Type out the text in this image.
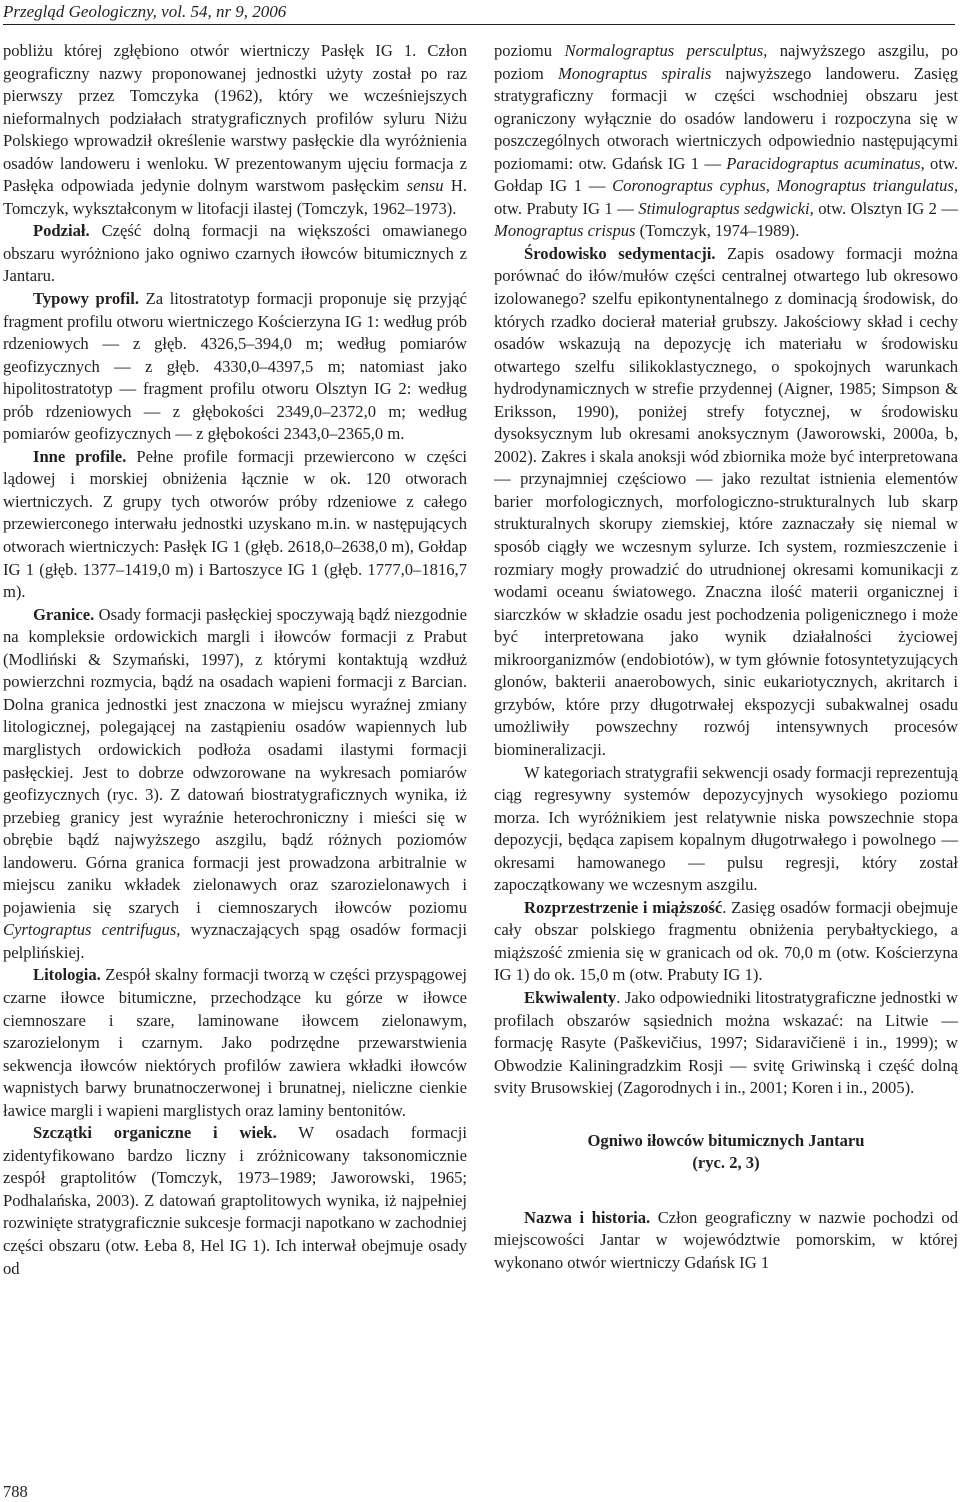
Przegląd Geologiczny, vol. 54, nr 9, 2006

pobliżu której zgłębiono otwór wiertniczy Pasłęk IG 1. Człon geograficzny nazwy proponowanej jednostki użyty został po raz pierwszy przez Tomczyka (1962), który we wcześniejszych nieformalnych podziałach stratygraficznych profilów syluru Niżu Polskiego wprowadził określenie warstwy pasłęckie dla wyróżnienia osadów landoweru i wenloku. W prezentowanym ujęciu formacja z Pasłęka odpowiada jedynie dolnym warstwom pasłęckim sensu H. Tomczyk, wykształconym w litofacji ilastej (Tomczyk, 1962–1973).

Podział. Część dolną formacji na większości omawianego obszaru wyróżniono jako ogniwo czarnych iłowców bitumicznych z Jantaru.

Typowy profil. Za litostratotyp formacji proponuje się przyjąć fragment profilu otworu wiertniczego Kościerzyna IG 1: według prób rdzeniowych — z głęb. 4326,5–394,0 m; według pomiarów geofizycznych — z głęb. 4330,0–4397,5 m; natomiast jako hipolitostratotyp — fragment profilu otworu Olsztyn IG 2: według prób rdzeniowych — z głębokości 2349,0–2372,0 m; według pomiarów geofizycznych — z głębokości 2343,0–2365,0 m.

Inne profile. Pełne profile formacji przewiercono w części lądowej i morskiej obniżenia łącznie w ok. 120 otworach wiertniczych. Z grupy tych otworów próby rdzeniowe z całego przewierconego interwału jednostki uzyskano m.in. w następujących otworach wiertniczych: Pasłęk IG 1 (głęb. 2618,0–2638,0 m), Gołdap IG 1 (głęb. 1377–1419,0 m) i Bartoszyce IG 1 (głęb. 1777,0–1816,7 m).

Granice. Osady formacji pasłęckiej spoczywają bądź niezgodnie na kompleksie ordowickich margli i iłowców formacji z Prabut (Modliński & Szymański, 1997), z którymi kontaktują wzdłuż powierzchni rozmycia, bądź na osadach wapieni formacji z Barcian. Dolna granica jednostki jest znaczona w miejscu wyraźnej zmiany litologicznej, polegającej na zastąpieniu osadów wapiennych lub marglistych ordowickich podłoża osadami ilastymi formacji pasłęckiej. Jest to dobrze odwzorowane na wykresach pomiarów geofizycznych (ryc. 3). Z datowań biostratygraficznych wynika, iż przebieg granicy jest wyraźnie heterochroniczny i mieści się w obrębie bądź najwyższego aszgilu, bądź różnych poziomów landoweru. Górna granica formacji jest prowadzona arbitralnie w miejscu zaniku wkładek zielonawych oraz szarozielonawych i pojawienia się szarych i ciemnoszarych iłowców poziomu Cyrtograptus centrifugus, wyznaczających spąg osadów formacji pelplińskiej.

Litologia. Zespół skalny formacji tworzą w części przyspągowej czarne iłowce bitumiczne, przechodzące ku górze w iłowce ciemnoszare i szare, laminowane iłowcem zielonawym, szarozielonym i czarnym. Jako podrzędne przewarstwienia sekwencja iłowców niektórych profilów zawiera wkładki iłowców wapnistych barwy brunatnoczerwonej i brunatnej, nieliczne cienkie ławice margli i wapieni marglistych oraz laminy bentonitów.

Szczątki organiczne i wiek. W osadach formacji zidentyfikowano bardzo liczny i zróżnicowany taksonomicznie zespół graptolitów (Tomczyk, 1973–1989; Jaworowski, 1965; Podhalańska, 2003). Z datowań graptolitowych wynika, iż najpełniej rozwinięte stratygraficznie sukcesje formacji napotkano w zachodniej części obszaru (otw. Łeba 8, Hel IG 1). Ich interwał obejmuje osady od

poziomu Normalograptus persculptus, najwyższego aszgilu, po poziom Monograptus spiralis najwyższego landoweru. Zasięg stratygraficzny formacji w części wschodniej obszaru jest ograniczony wyłącznie do osadów landoweru i rozpoczyna się w poszczególnych otworach wiertniczych odpowiednio następującymi poziomami: otw. Gdańsk IG 1 — Paracidograptus acuminatus, otw. Gołdap IG 1 — Coronograptus cyphus, Monograptus triangulatus, otw. Prabuty IG 1 — Stimulograptus sedgwicki, otw. Olsztyn IG 2 — Monograptus crispus (Tomczyk, 1974–1989).

Środowisko sedymentacji. Zapis osadowy formacji można porównać do iłów/mułów części centralnej otwartego lub okresowo izolowanego? szelfu epikontynentalnego z dominacją środowisk, do których rzadko docierał materiał grubszy. Jakościowy skład i cechy osadów wskazują na depozycję ich materiału w środowisku otwartego szelfu silikoklastycznego, o spokojnych warunkach hydrodynamicznych w strefie przydennej (Aigner, 1985; Simpson & Eriksson, 1990), poniżej strefy fotycznej, w środowisku dysoksycznym lub okresami anoksycznym (Jaworowski, 2000a, b, 2002). Zakres i skala anoksji wód zbiornika może być interpretowana — przynajmniej częściowo — jako rezultat istnienia elementów barier morfologicznych, morfologiczno-strukturalnych lub skarp strukturalnych skorupy ziemskiej, które zaznaczały się niemal w sposób ciągły we wczesnym sylurze. Ich system, rozmieszczenie i rozmiary mogły prowadzić do utrudnionej okresami komunikacji z wodami oceanu światowego. Znaczna ilość materii organicznej i siarczków w składzie osadu jest pochodzenia poligenicznego i może być interpretowana jako wynik działalności życiowej mikroorganizmów (endobiotów), w tym głównie fotosyntetyzujących glonów, bakterii anaerobowych, sinic eukariotycznych, akritarch i grzybów, które przy długotrwałej ekspozycji subakwalnej osadu umożliwiły powszechny rozwój intensywnych procesów biomineralizacji.

W kategoriach stratygrafii sekwencji osady formacji reprezentują ciąg regresywny systemów depozycyjnych wysokiego poziomu morza. Ich wyróżnikiem jest relatywnie niska powszechnie stopa depozycji, będąca zapisem kopalnym długotrwałego i powolnego — okresami hamowanego — pulsu regresji, który został zapoczątkowany we wczesnym aszgilu.

Rozprzestrzenie i miąższość. Zasięg osadów formacji obejmuje cały obszar polskiego fragmentu obniżenia perybałtyckiego, a miąższość zmienia się w granicach od ok. 70,0 m (otw. Kościerzyna IG 1) do ok. 15,0 m (otw. Prabuty IG 1).

Ekwiwalenty. Jako odpowiedniki litostratygraficzne jednostki w profilach obszarów sąsiednich można wskazać: na Litwie — formację Rasyte (Paškevičius, 1997; Sidaravičienë i in., 1999); w Obwodzie Kaliningradzkim Rosji — svitę Griwinską i część dolną svity Brusowskiej (Zagorodnych i in., 2001; Koren i in., 2005).

Ogniwo iłowców bitumicznych Jantaru
(ryc. 2, 3)

Nazwa i historia. Człon geograficzny w nazwie pochodzi od miejscowości Jantar w województwie pomorskim, w której wykonano otwór wiertniczy Gdańsk IG 1

788
